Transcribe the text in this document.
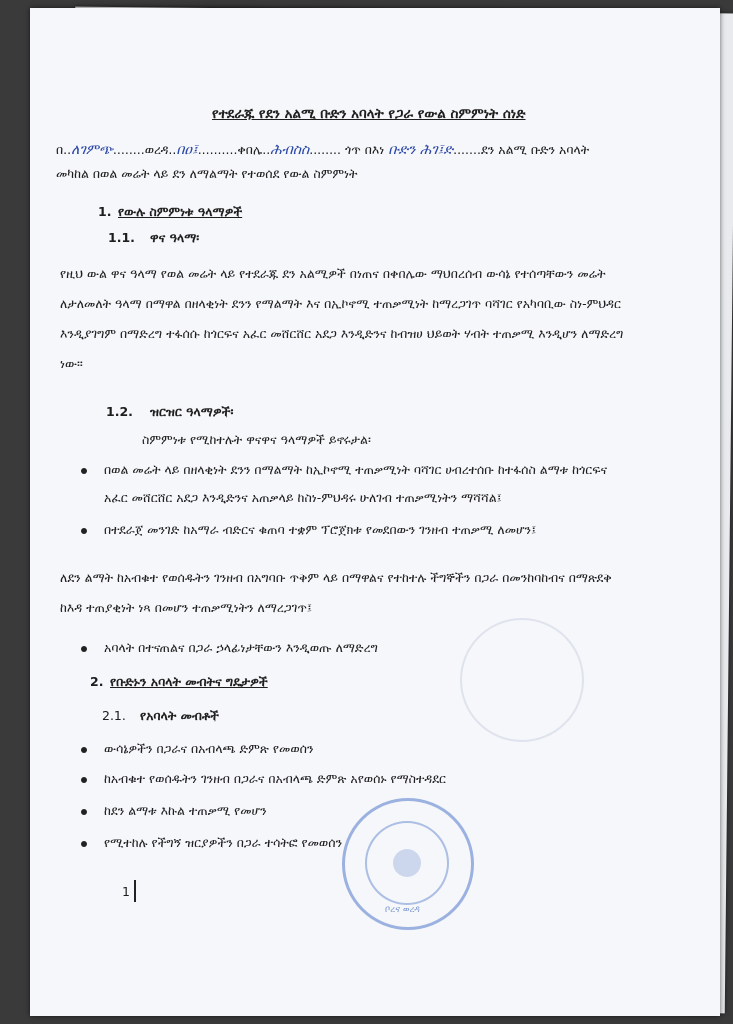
የተደራጁ የደን አልሚ ቡድን አባላት የጋራ የውል ስምምነት ሰነድ
በ..ለገምጭ........ወረዳ..በዐ፤..........ቀበሌ..ሕብስስ........ ጎጥ በእነ ቡድን ሕገ፤ድ.......ደን አልሚ ቡድን አባላት
መካከል በወል መሬት ላይ ደን ለማልማት የተወሰደ የውል ስምምነት
1. የውሉ ስምምነቱ ዓላማዎች
1.1. ዋና ዓላማ፡
የዚህ ውል ዋና ዓላማ የወል መሬት ላይ የተደራጁ ደን አልሚዎች በነጠና በቀበሌው ማህበረሰብ ውሳኔ የተሰጣቸውን መሬት
ለታለመለት ዓላማ በማዋል በዘላቂነት ደንን የማልማት እና በኢኮኖሚ ተጠቃሚነት ከማረጋገጥ ባሻገር የአካባቢው ስነ-ምህዳር
እንዲያገግም በማድረግ ተፋሰሱ ከጎርፍና አፈር መሸርሸር አደጋ እንዲድንና ከብዝሀ ህይወት ሃብት ተጠቃሚ እንዲሆን ለማድረግ
ነው፡፡
1.2. ዝርዝር ዓላማዎች፡
ስምምነቱ የሚከተሉት ዋናዋና ዓላማዎች ይኖሩታል፡
በወል መሬት ላይ በዘላቂነት ደንን በማልማት ከኢኮኖሚ ተጠቃሚነት ባሻገር ሀብረተሰቡ ከተፋሰስ ልማቱ ከጎርፍና
አፈር መሸርሸር አደጋ እንዲድንና አጠቃላይ ከስነ-ምህዳሩ ሁለገብ ተጠቃሚነትን ማሻሻል፤
በተደራጀ መንገድ ከአማራ ብድርና ቁጠባ ተቋም ፕሮጀክቱ የመደበውን ገንዘብ ተጠቃሚ ለመሆን፤
ለደን ልማት ከአብቁተ የወሰዱትን ገንዘብ በአግባቡ ጥቅም ላይ በማዋልና የተከተሉ ችግኞችን በጋራ በመንከባከብና በማጽደቅ
ከእዳ ተጠያቂነት ነጻ በመሆን ተጠቃሚነትን ለማረጋገጥ፤
አባላት በተናጠልና በጋራ ኃላፊነታቸውን እንዲወጡ ለማድረግ
2. የቡድኑን አባላት መብትና ግዴታዎች
2.1. የአባላት መብቶች
ውሳኔዎችን በጋራና በአብላጫ ድምጽ የመወሰን
ከአብቁተ የወሰዱትን ገንዘብ በጋራና በአብላጫ ድምጽ አየወሰኑ የማስተዳደር
ከደን ልማቱ እኩል ተጠቃሚ የመሆን
የሚተከሉ የችግኝ ዝርያዎችን በጋራ ተሳትፎ የመወሰን
1
ቦረና ወረዳ
